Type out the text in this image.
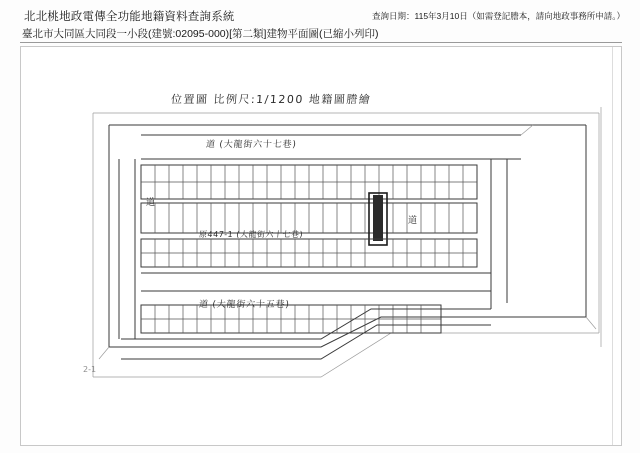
北北桃地政電傳全功能地籍資料查詢系統	查詢日期：115年3月10日（如需登記謄本，請向地政事務所申請。）
臺北市大同區大同段一小段(建號:02095-000)[第二類]建物平面圖(已縮小列印)
位置圖 比例尺:1/1200 地籍圖謄繪
道 (大龍街六十七巷)
原447-1 (大龍街六十七巷)
道 (大龍街六十五巷)
道
道
2-1
